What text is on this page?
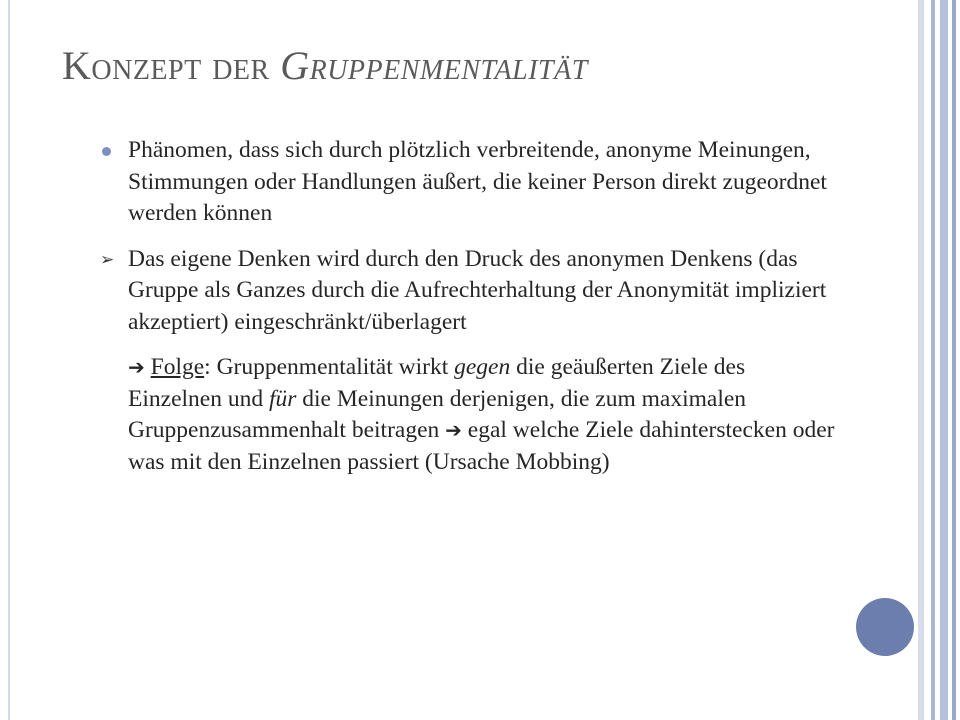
Konzept der Gruppenmentalität
Phänomen, dass sich durch plötzlich verbreitende, anonyme Meinungen, Stimmungen oder Handlungen äußert, die keiner Person direkt zugeordnet werden können
➢ Das eigene Denken wird durch den Druck des anonymen Denkens (das Gruppe als Ganzes durch die Aufrechterhaltung der Anonymität impliziert akzeptiert) eingeschränkt/überlagert
➔ Folge: Gruppenmentalität wirkt gegen die geäußerten Ziele des Einzelnen und für die Meinungen derjenigen, die zum maximalen Gruppenzusammenhalt beitragen ➔ egal welche Ziele dahinterstecken oder was mit den Einzelnen passiert (Ursache Mobbing)
